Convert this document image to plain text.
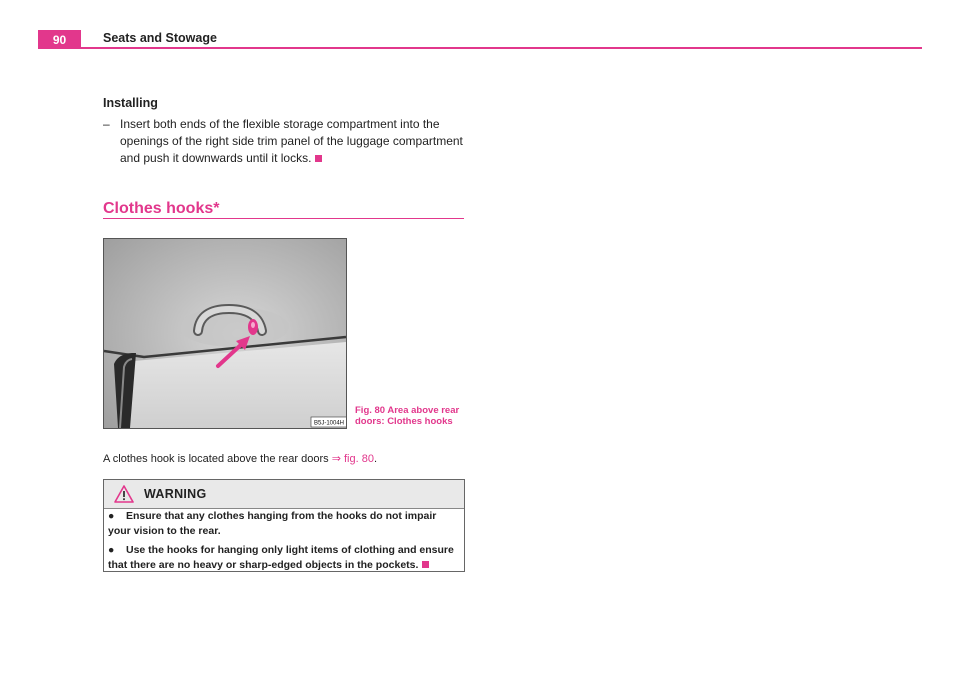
90	Seats and Stowage
Installing
– Insert both ends of the flexible storage compartment into the openings of the right side trim panel of the luggage compartment and push it downwards until it locks.
Clothes hooks*
B5J-1004H
Fig. 80 Area above rear doors: Clothes hooks
A clothes hook is located above the rear doors ⇒ fig. 80.
WARNING
● Ensure that any clothes hanging from the hooks do not impair your vision to the rear.
● Use the hooks for hanging only light items of clothing and ensure that there are no heavy or sharp-edged objects in the pockets.
